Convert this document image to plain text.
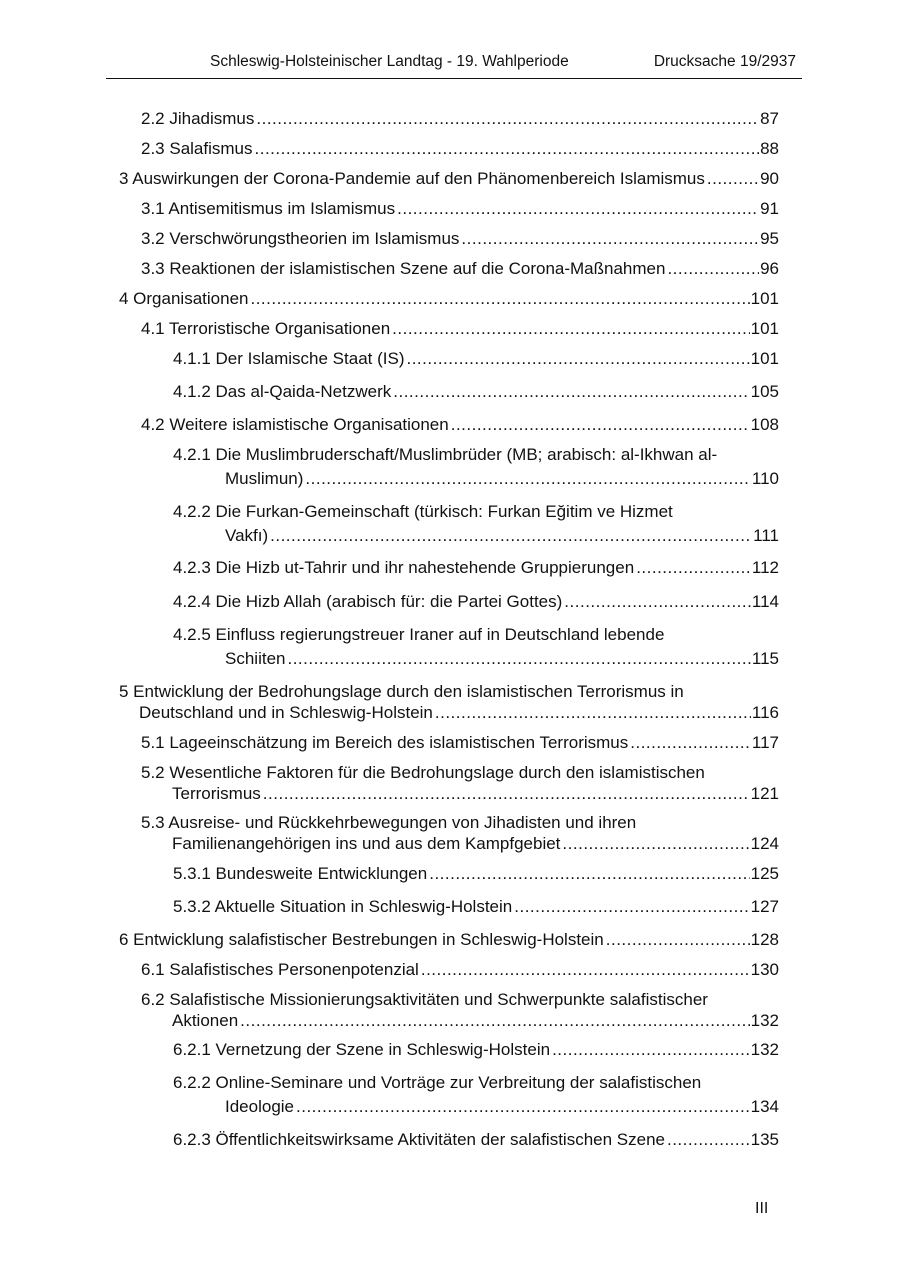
Schleswig-Holsteinischer Landtag - 19. Wahlperiode	Drucksache 19/2937
2.2 Jihadismus .....	87
2.3 Salafismus .....	88
3 Auswirkungen der Corona-Pandemie auf den Phänomenbereich Islamismus .....	90
3.1 Antisemitismus im Islamismus .....	91
3.2 Verschwörungstheorien im Islamismus .....	95
3.3 Reaktionen der islamistischen Szene auf die Corona-Maßnahmen .....	96
4 Organisationen .....	101
4.1 Terroristische Organisationen .....	101
4.1.1 Der Islamische Staat (IS) .....	101
4.1.2 Das al-Qaida-Netzwerk .....	105
4.2 Weitere islamistische Organisationen .....	108
4.2.1 Die Muslimbruderschaft/Muslimbrüder (MB; arabisch: al-Ikhwan al-
Muslimun) .....	110
4.2.2 Die Furkan-Gemeinschaft (türkisch: Furkan Eğitim ve Hizmet
Vakfı) .....	111
4.2.3 Die Hizb ut-Tahrir und ihr nahestehende Gruppierungen .....	112
4.2.4 Die Hizb Allah (arabisch für: die Partei Gottes) .....	114
4.2.5 Einfluss regierungstreuer Iraner auf in Deutschland lebende
Schiiten .....	115
5 Entwicklung der Bedrohungslage durch den islamistischen Terrorismus in
Deutschland und in Schleswig-Holstein .....	116
5.1 Lageeinschätzung im Bereich des islamistischen Terrorismus .....	117
5.2 Wesentliche Faktoren für die Bedrohungslage durch den islamistischen
Terrorismus .....	121
5.3 Ausreise- und Rückkehrbewegungen von Jihadisten und ihren
Familienangehörigen ins und aus dem Kampfgebiet .....	124
5.3.1 Bundesweite Entwicklungen .....	125
5.3.2 Aktuelle Situation in Schleswig-Holstein .....	127
6 Entwicklung salafistischer Bestrebungen in Schleswig-Holstein .....	128
6.1 Salafistisches Personenpotenzial .....	130
6.2 Salafistische Missionierungsaktivitäten und Schwerpunkte salafistischer
Aktionen .....	132
6.2.1 Vernetzung der Szene in Schleswig-Holstein .....	132
6.2.2 Online-Seminare und Vorträge zur Verbreitung der salafistischen
Ideologie .....	134
6.2.3 Öffentlichkeitswirksame Aktivitäten der salafistischen Szene .....	135
III
